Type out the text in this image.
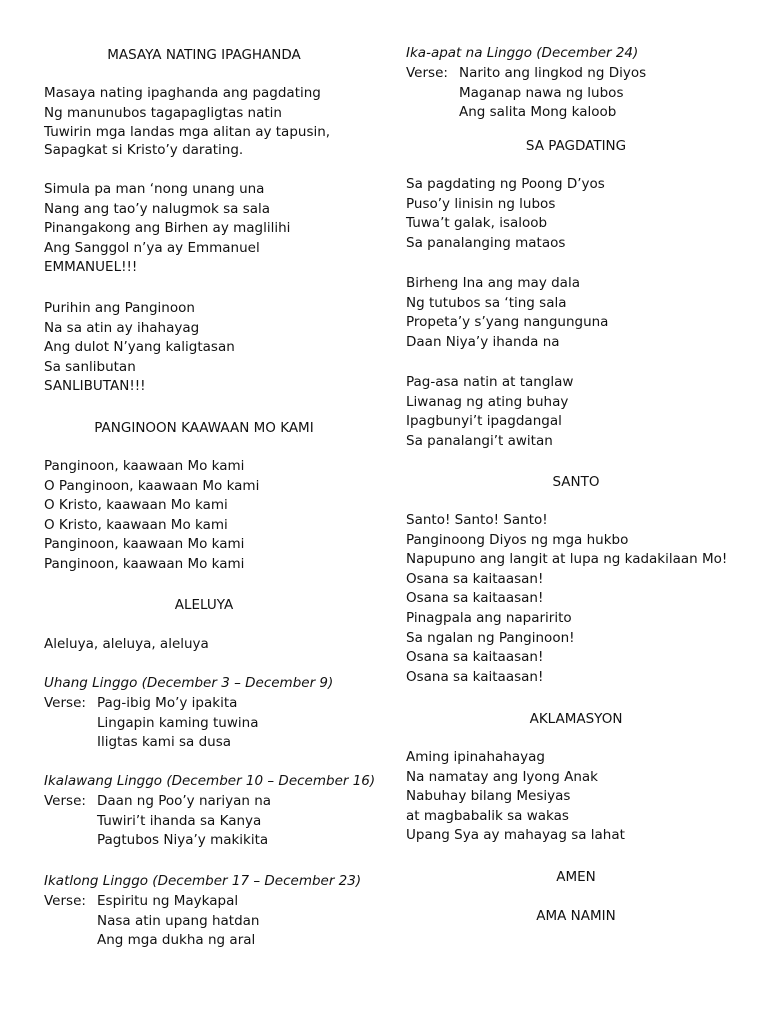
MASAYA NATING IPAGHANDA
Masaya nating ipaghanda ang pagdating
Ng manunubos tagapagligtas natin
Tuwirin mga landas mga alitan ay tapusin,
Sapagkat si Kristo’y darating.
Simula pa man ‘nong unang una
Nang ang tao’y nalugmok sa sala
Pinangakong ang Birhen ay maglilihi
Ang Sanggol n’ya ay Emmanuel
EMMANUEL!!!
Purihin ang Panginoon
Na sa atin ay ihahayag
Ang dulot N’yang kaligtasan
Sa sanlibutan
SANLIBUTAN!!!
PANGINOON KAAWAAN MO KAMI
Panginoon, kaawaan Mo kami
O Panginoon, kaawaan Mo kami
O Kristo, kaawaan Mo kami
O Kristo, kaawaan Mo kami
Panginoon, kaawaan Mo kami
Panginoon, kaawaan Mo kami
ALELUYA
Aleluya, aleluya, aleluya
Uhang Linggo (December 3 – December 9)
Verse: Pag-ibig Mo’y ipakita
Lingapin kaming tuwina
Iligtas kami sa dusa
Ikalawang Linggo (December 10 – December 16)
Verse: Daan ng Poo’y nariyan na
Tuwiri’t ihanda sa Kanya
Pagtubos Niya’y makikita
Ikatlong Linggo (December 17 – December 23)
Verse: Espiritu ng Maykapal
Nasa atin upang hatdan
Ang mga dukha ng aral
Ika-apat na Linggo (December 24)
Verse: Narito ang lingkod ng Diyos
Maganap nawa ng lubos
Ang salita Mong kaloob
SA PAGDATING
Sa pagdating ng Poong D’yos
Puso’y linisin ng lubos
Tuwa’t galak, isaloob
Sa panalanging mataos
Birheng Ina ang may dala
Ng tutubos sa ‘ting sala
Propeta’y s’yang nangunguna
Daan Niya’y ihanda na
Pag-asa natin at tanglaw
Liwanag ng ating buhay
Ipagbunyi’t ipagdangal
Sa panalangi’t awitan
SANTO
Santo! Santo! Santo!
Panginoong Diyos ng mga hukbo
Napupuno ang langit at lupa ng kadakilaan Mo!
Osana sa kaitaasan!
Osana sa kaitaasan!
Pinagpala ang naparirito
Sa ngalan ng Panginoon!
Osana sa kaitaasan!
Osana sa kaitaasan!
AKLAMASYON
Aming ipinahahayag
Na namatay ang Iyong Anak
Nabuhay bilang Mesiyas
at magbabalik sa wakas
Upang Sya ay mahayag sa lahat
AMEN
AMA NAMIN
